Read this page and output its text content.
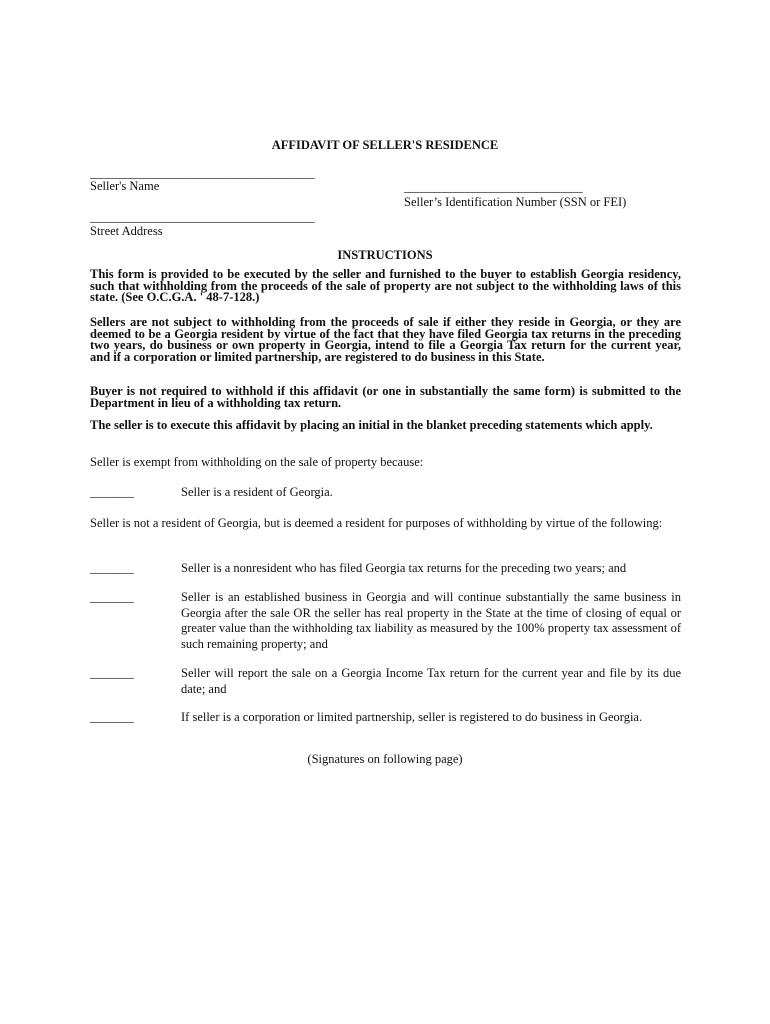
AFFIDAVIT OF SELLER'S RESIDENCE
_______________________________________
Seller's Name	_______________________________
Seller’s Identification Number (SSN or FEI)
_______________________________________
Street Address
INSTRUCTIONS
This form is provided to be executed by the seller and furnished to the buyer to establish Georgia residency, such that withholding from the proceeds of the sale of property are not subject to the withholding laws of this state. (See O.C.G.A. ' 48-7-128.)
Sellers are not subject to withholding from the proceeds of sale if either they reside in Georgia, or they are deemed to be a Georgia resident by virtue of the fact that they have filed Georgia tax returns in the preceding two years, do business or own property in Georgia, intend to file a Georgia Tax return for the current year, and if a corporation or limited partnership, are registered to do business in this State.
Buyer is not required to withhold if this affidavit (or one in substantially the same form) is submitted to the Department in lieu of a withholding tax return.
The seller is to execute this affidavit by placing an initial in the blanket preceding statements which apply.
Seller is exempt from withholding on the sale of property because:
_______	Seller is a resident of Georgia.
Seller is not a resident of Georgia, but is deemed a resident for purposes of withholding by virtue of the following:
_______	Seller is a nonresident who has filed Georgia tax returns for the preceding two years; and
_______	Seller is an established business in Georgia and will continue substantially the same business in Georgia after the sale OR the seller has real property in the State at the time of closing of equal or greater value than the withholding tax liability as measured by the 100% property tax assessment of such remaining property; and
_______	Seller will report the sale on a Georgia Income Tax return for the current year and file by its due date; and
_______	If seller is a corporation or limited partnership, seller is registered to do business in Georgia.
(Signatures on following page)
